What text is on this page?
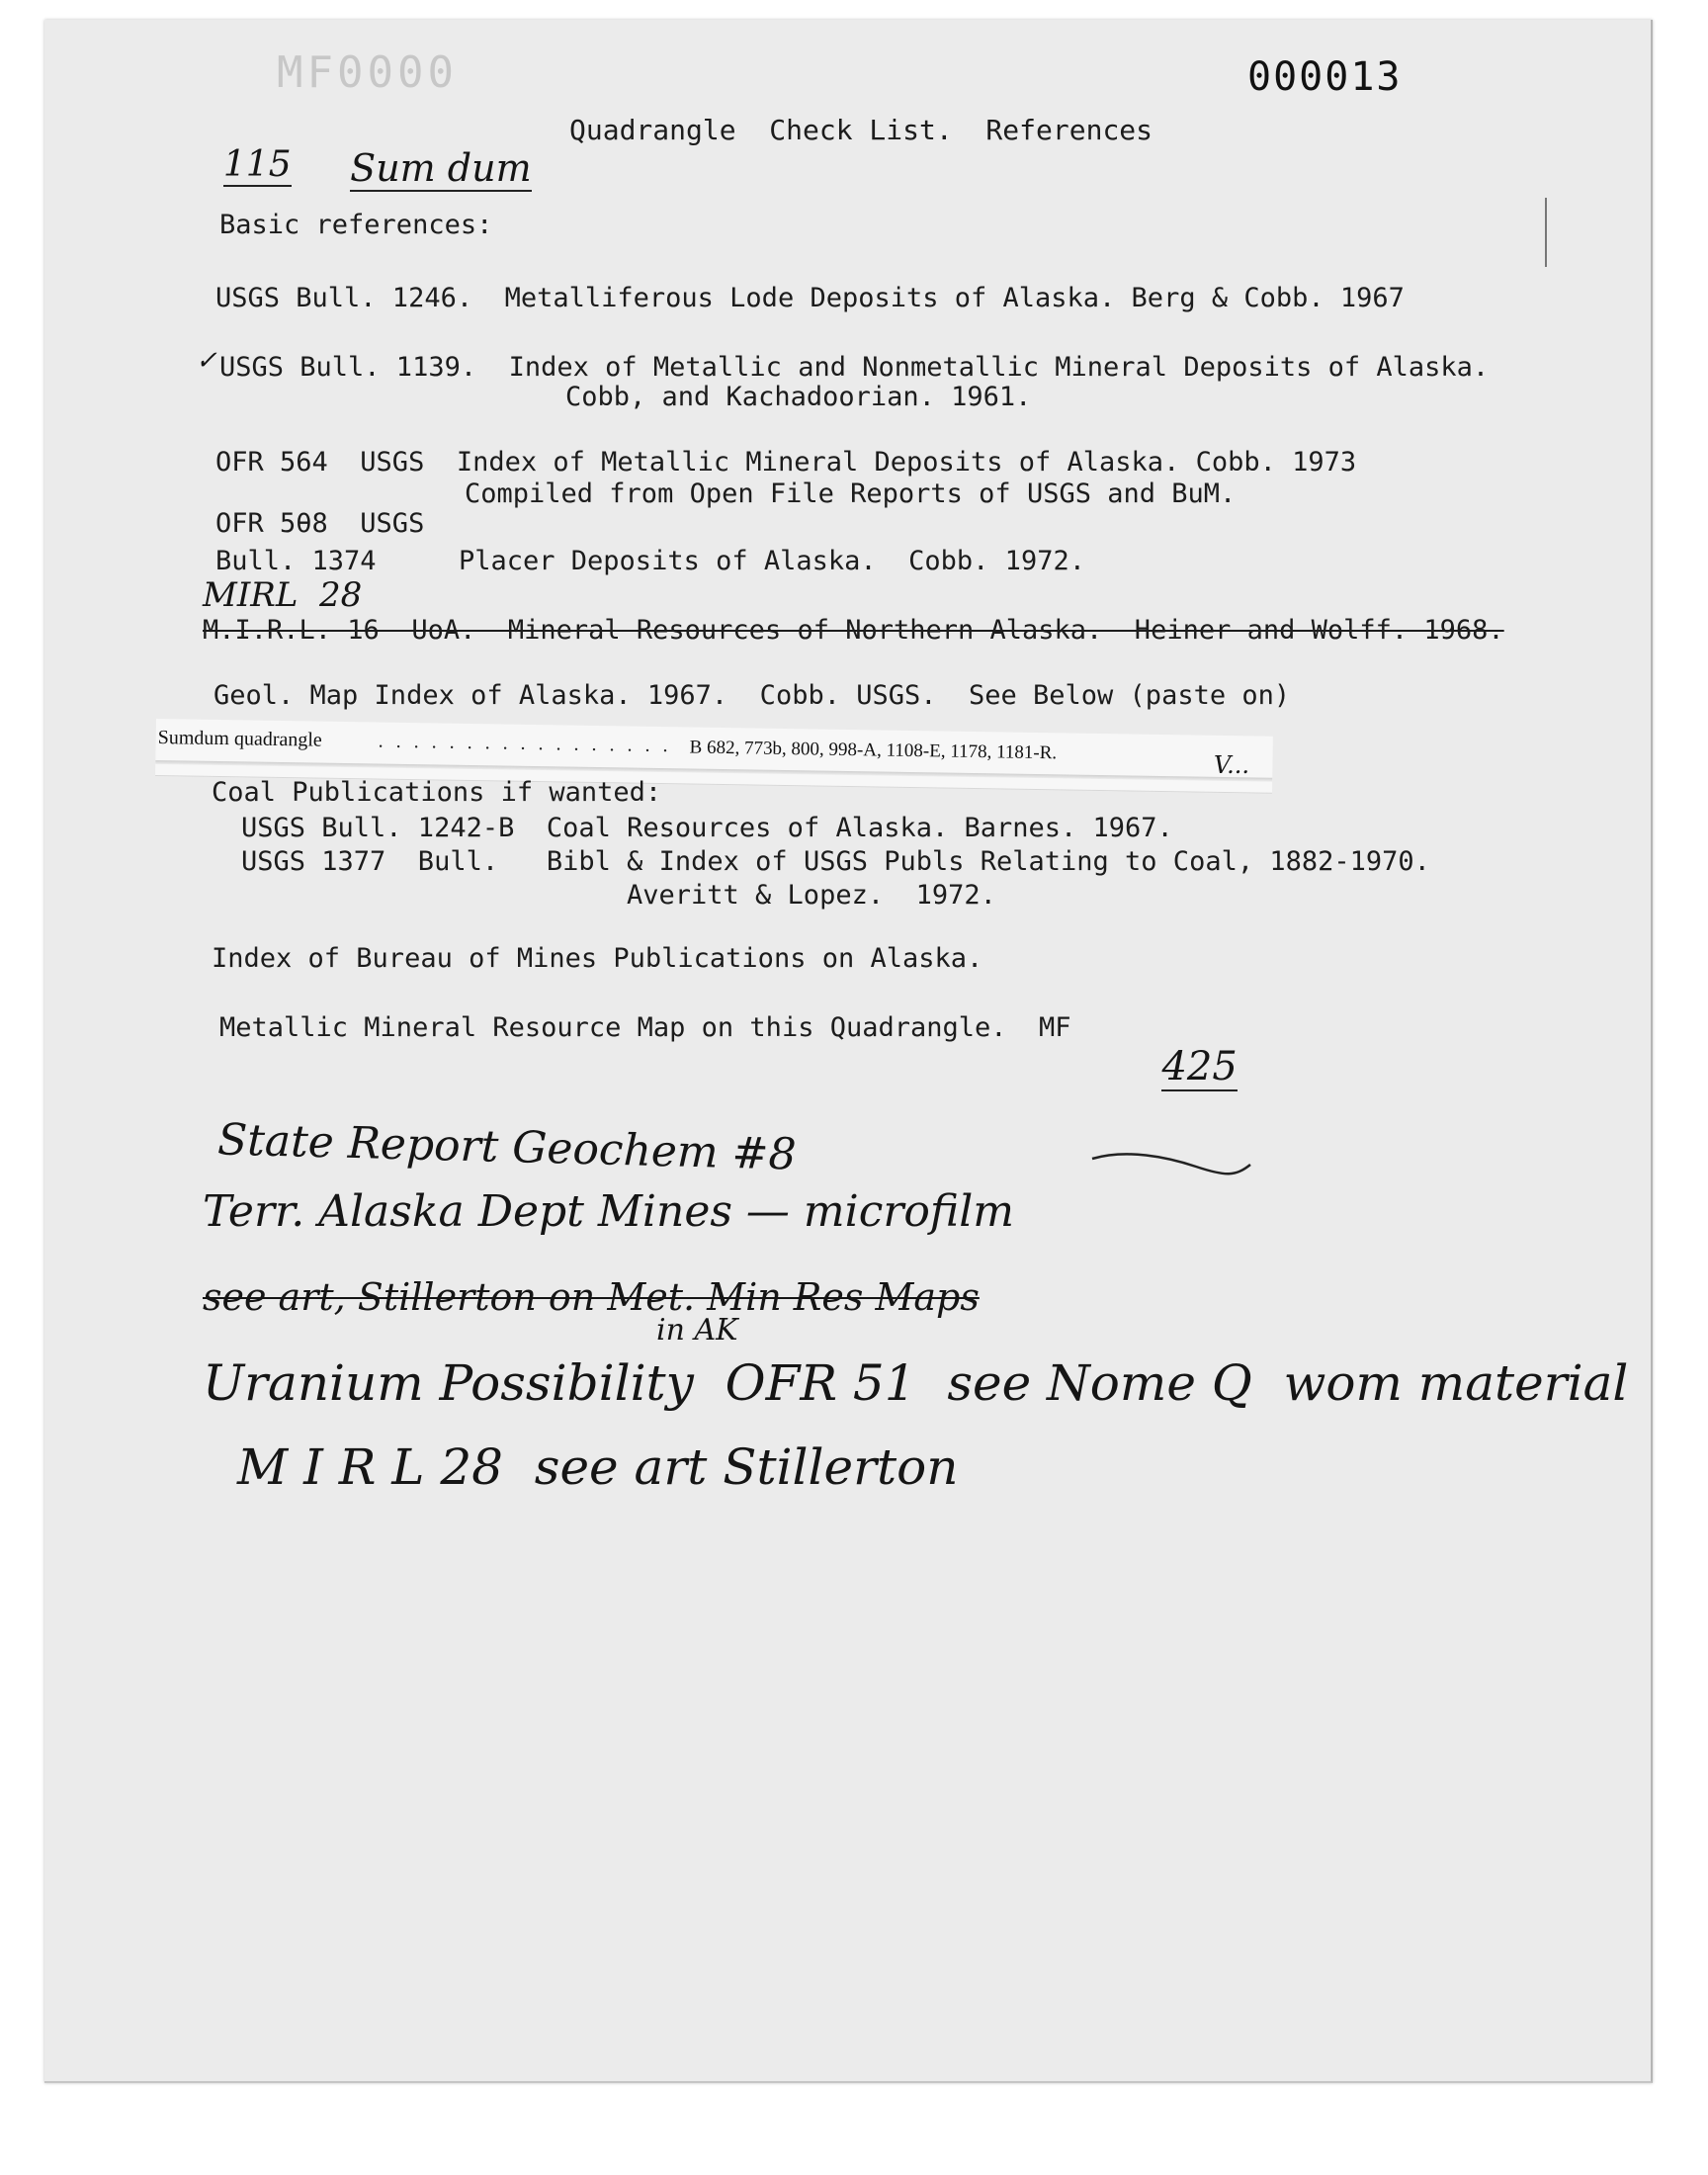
MF0000	000013

115	Sum dum

Quadrangle  Check List.  References
Basic references:
USGS Bull. 1246.  Metalliferous Lode Deposits of Alaska. Berg & Cobb. 1967
✓ USGS Bull. 1139.  Index of Metallic and Nonmetallic Mineral Deposits of Alaska.
Cobb, and Kachadoorian. 1961.
OFR 564  USGS  Index of Metallic Mineral Deposits of Alaska. Cobb. 1973
Compiled from Open File Reports of USGS and BuM.
OFR 5θ8  USGS
Bull. 1374	Placer Deposits of Alaska.  Cobb. 1972.
MIRL  28
M.I.R.L. 16  UoA.  Mineral Resources of Northern Alaska.  Heiner and Wolff. 1968.
Geol. Map Index of Alaska. 1967.  Cobb. USGS.  See Below (paste on)
Sumdum quadrangle	. . . . . . . . . . . . . . . . . B 682, 773b, 800, 998-A, 1108-E, 1178, 1181-R.
V...
Coal Publications if wanted:
USGS Bull. 1242-B  Coal Resources of Alaska. Barnes. 1967.
USGS 1377  Bull.   Bibl & Index of USGS Publs Relating to Coal, 1882-1970.
Averitt & Lopez.  1972.
Index of Bureau of Mines Publications on Alaska.
Metallic Mineral Resource Map on this Quadrangle.  MF

425

State Report Geochem #8
Terr. Alaska Dept Mines — microfilm
see art, Stillerton on Met. Min Res Maps
in AK
Uranium Possibility  OFR 51  see Nome Q  wom material
M I R L 28  see art Stillerton
